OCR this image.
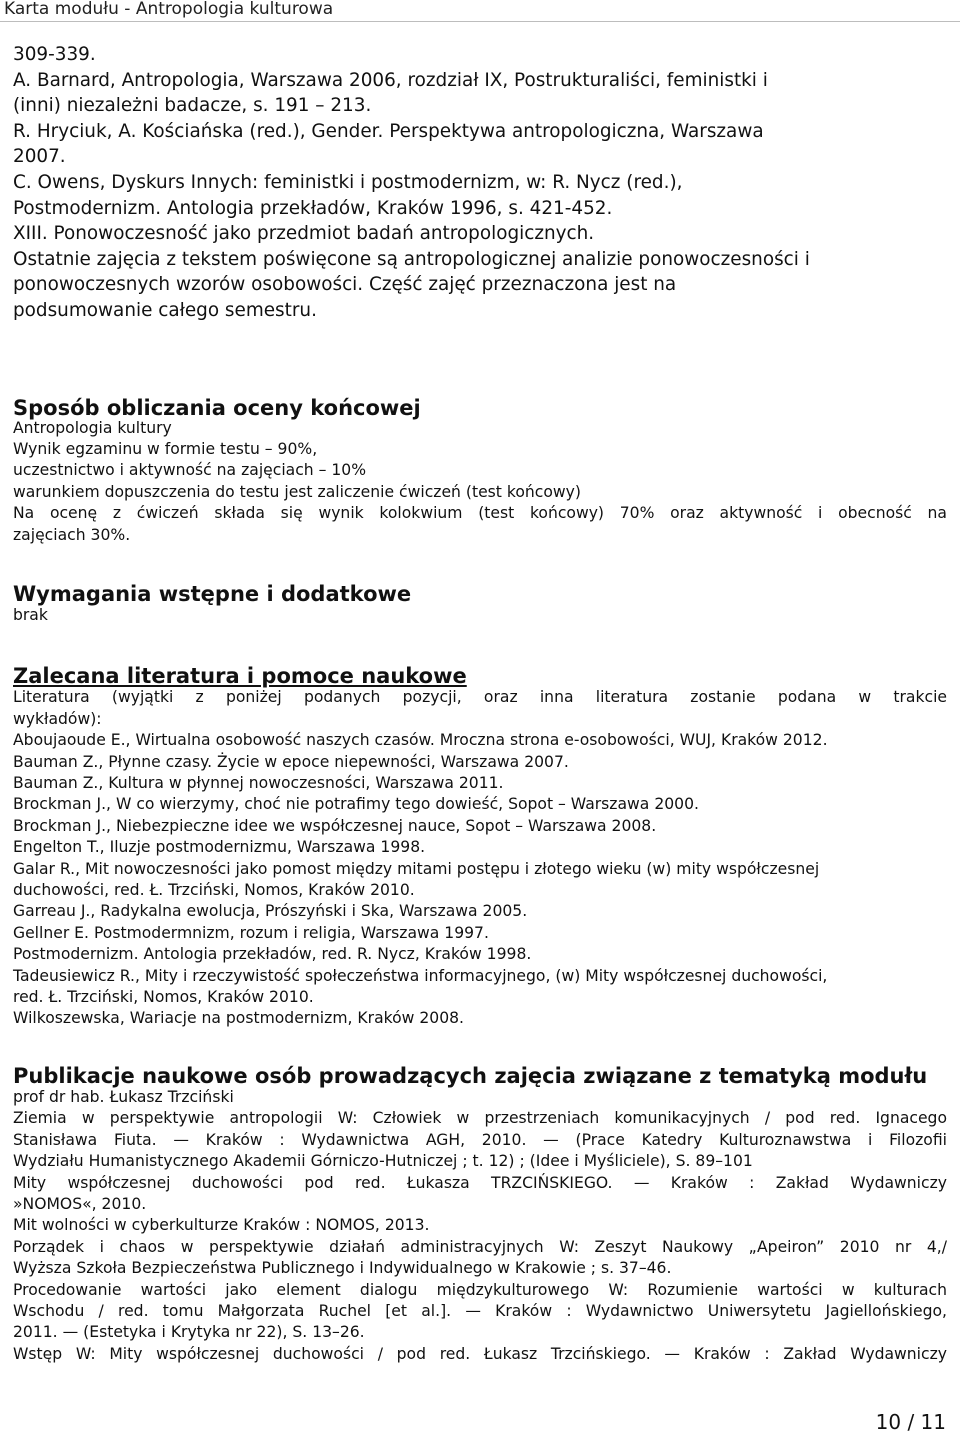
Karta modułu - Antropologia kulturowa
309-339.
A. Barnard, Antropologia, Warszawa 2006, rozdział IX, Postrukturaliści, feministki i
(inni) niezależni badacze, s. 191 – 213.
R. Hryciuk, A. Kościańska (red.), Gender. Perspektywa antropologiczna, Warszawa
2007.
C. Owens, Dyskurs Innych: feministki i postmodernizm, w: R. Nycz (red.),
Postmodernizm. Antologia przekładów, Kraków 1996, s. 421-452.
XIII. Ponowoczesność jako przedmiot badań antropologicznych.
Ostatnie zajęcia z tekstem poświęcone są antropologicznej analizie ponowoczesności i
ponowoczesnych wzorów osobowości. Część zajęć przeznaczona jest na
podsumowanie całego semestru.
Sposób obliczania oceny końcowej
Antropologia kultury
Wynik egzaminu w formie testu – 90%,
uczestnictwo i aktywność na zajęciach – 10%
warunkiem dopuszczenia do testu jest zaliczenie ćwiczeń (test końcowy)
Na ocenę z ćwiczeń składa się wynik kolokwium (test końcowy) 70% oraz aktywność i obecność na
zajęciach 30%.
Wymagania wstępne i dodatkowe
brak
Zalecana literatura i pomoce naukowe
Literatura (wyjątki z poniżej podanych pozycji, oraz inna literatura zostanie podana w trakcie
wykładów):
Aboujaoude E., Wirtualna osobowość naszych czasów. Mroczna strona e-osobowości, WUJ, Kraków 2012.
Bauman Z., Płynne czasy. Życie w epoce niepewności, Warszawa 2007.
Bauman Z., Kultura w płynnej nowoczesności, Warszawa 2011.
Brockman J., W co wierzymy, choć nie potrafimy tego dowieść, Sopot – Warszawa 2000.
Brockman J., Niebezpieczne idee we współczesnej nauce, Sopot – Warszawa 2008.
Engelton T., Iluzje postmodernizmu, Warszawa 1998.
Galar R., Mit nowoczesności jako pomost między mitami postępu i złotego wieku (w) mity współczesnej
duchowości, red. Ł. Trzciński, Nomos, Kraków 2010.
Garreau J., Radykalna ewolucja, Prószyński i Ska, Warszawa 2005.
Gellner E. Postmodermnizm, rozum i religia, Warszawa 1997.
Postmodernizm. Antologia przekładów, red. R. Nycz, Kraków 1998.
Tadeusiewicz R., Mity i rzeczywistość społeczeństwa informacyjnego, (w) Mity współczesnej duchowości,
red. Ł. Trzciński, Nomos, Kraków 2010.
Wilkoszewska, Wariacje na postmodernizm, Kraków 2008.
Publikacje naukowe osób prowadzących zajęcia związane z tematyką modułu
prof dr hab. Łukasz Trzciński
Ziemia w perspektywie antropologii W: Człowiek w przestrzeniach komunikacyjnych / pod red. Ignacego
Stanisława Fiuta. — Kraków : Wydawnictwa AGH, 2010. — (Prace Katedry Kulturoznawstwa i Filozofii
Wydziału Humanistycznego Akademii Górniczo-Hutniczej ; t. 12) ; (Idee i Myśliciele), S. 89–101
Mity współczesnej duchowości pod red. Łukasza TRZCIŃSKIEGO. — Kraków : Zakład Wydawniczy
»NOMOS«, 2010.
Mit wolności w cyberkulturze Kraków : NOMOS, 2013.
Porządek i chaos w perspektywie działań administracyjnych W: Zeszyt Naukowy „Apeiron” 2010 nr 4,/
Wyższa Szkoła Bezpieczeństwa Publicznego i Indywidualnego w Krakowie ; s. 37–46.
Procedowanie wartości jako element dialogu międzykulturowego W: Rozumienie wartości w kulturach
Wschodu / red. tomu Małgorzata Ruchel [et al.]. — Kraków : Wydawnictwo Uniwersytetu Jagiellońskiego,
2011. — (Estetyka i Krytyka nr 22), S. 13–26.
Wstęp W: Mity współczesnej duchowości / pod red. Łukasz Trzcińskiego. — Kraków : Zakład Wydawniczy
10 / 11
